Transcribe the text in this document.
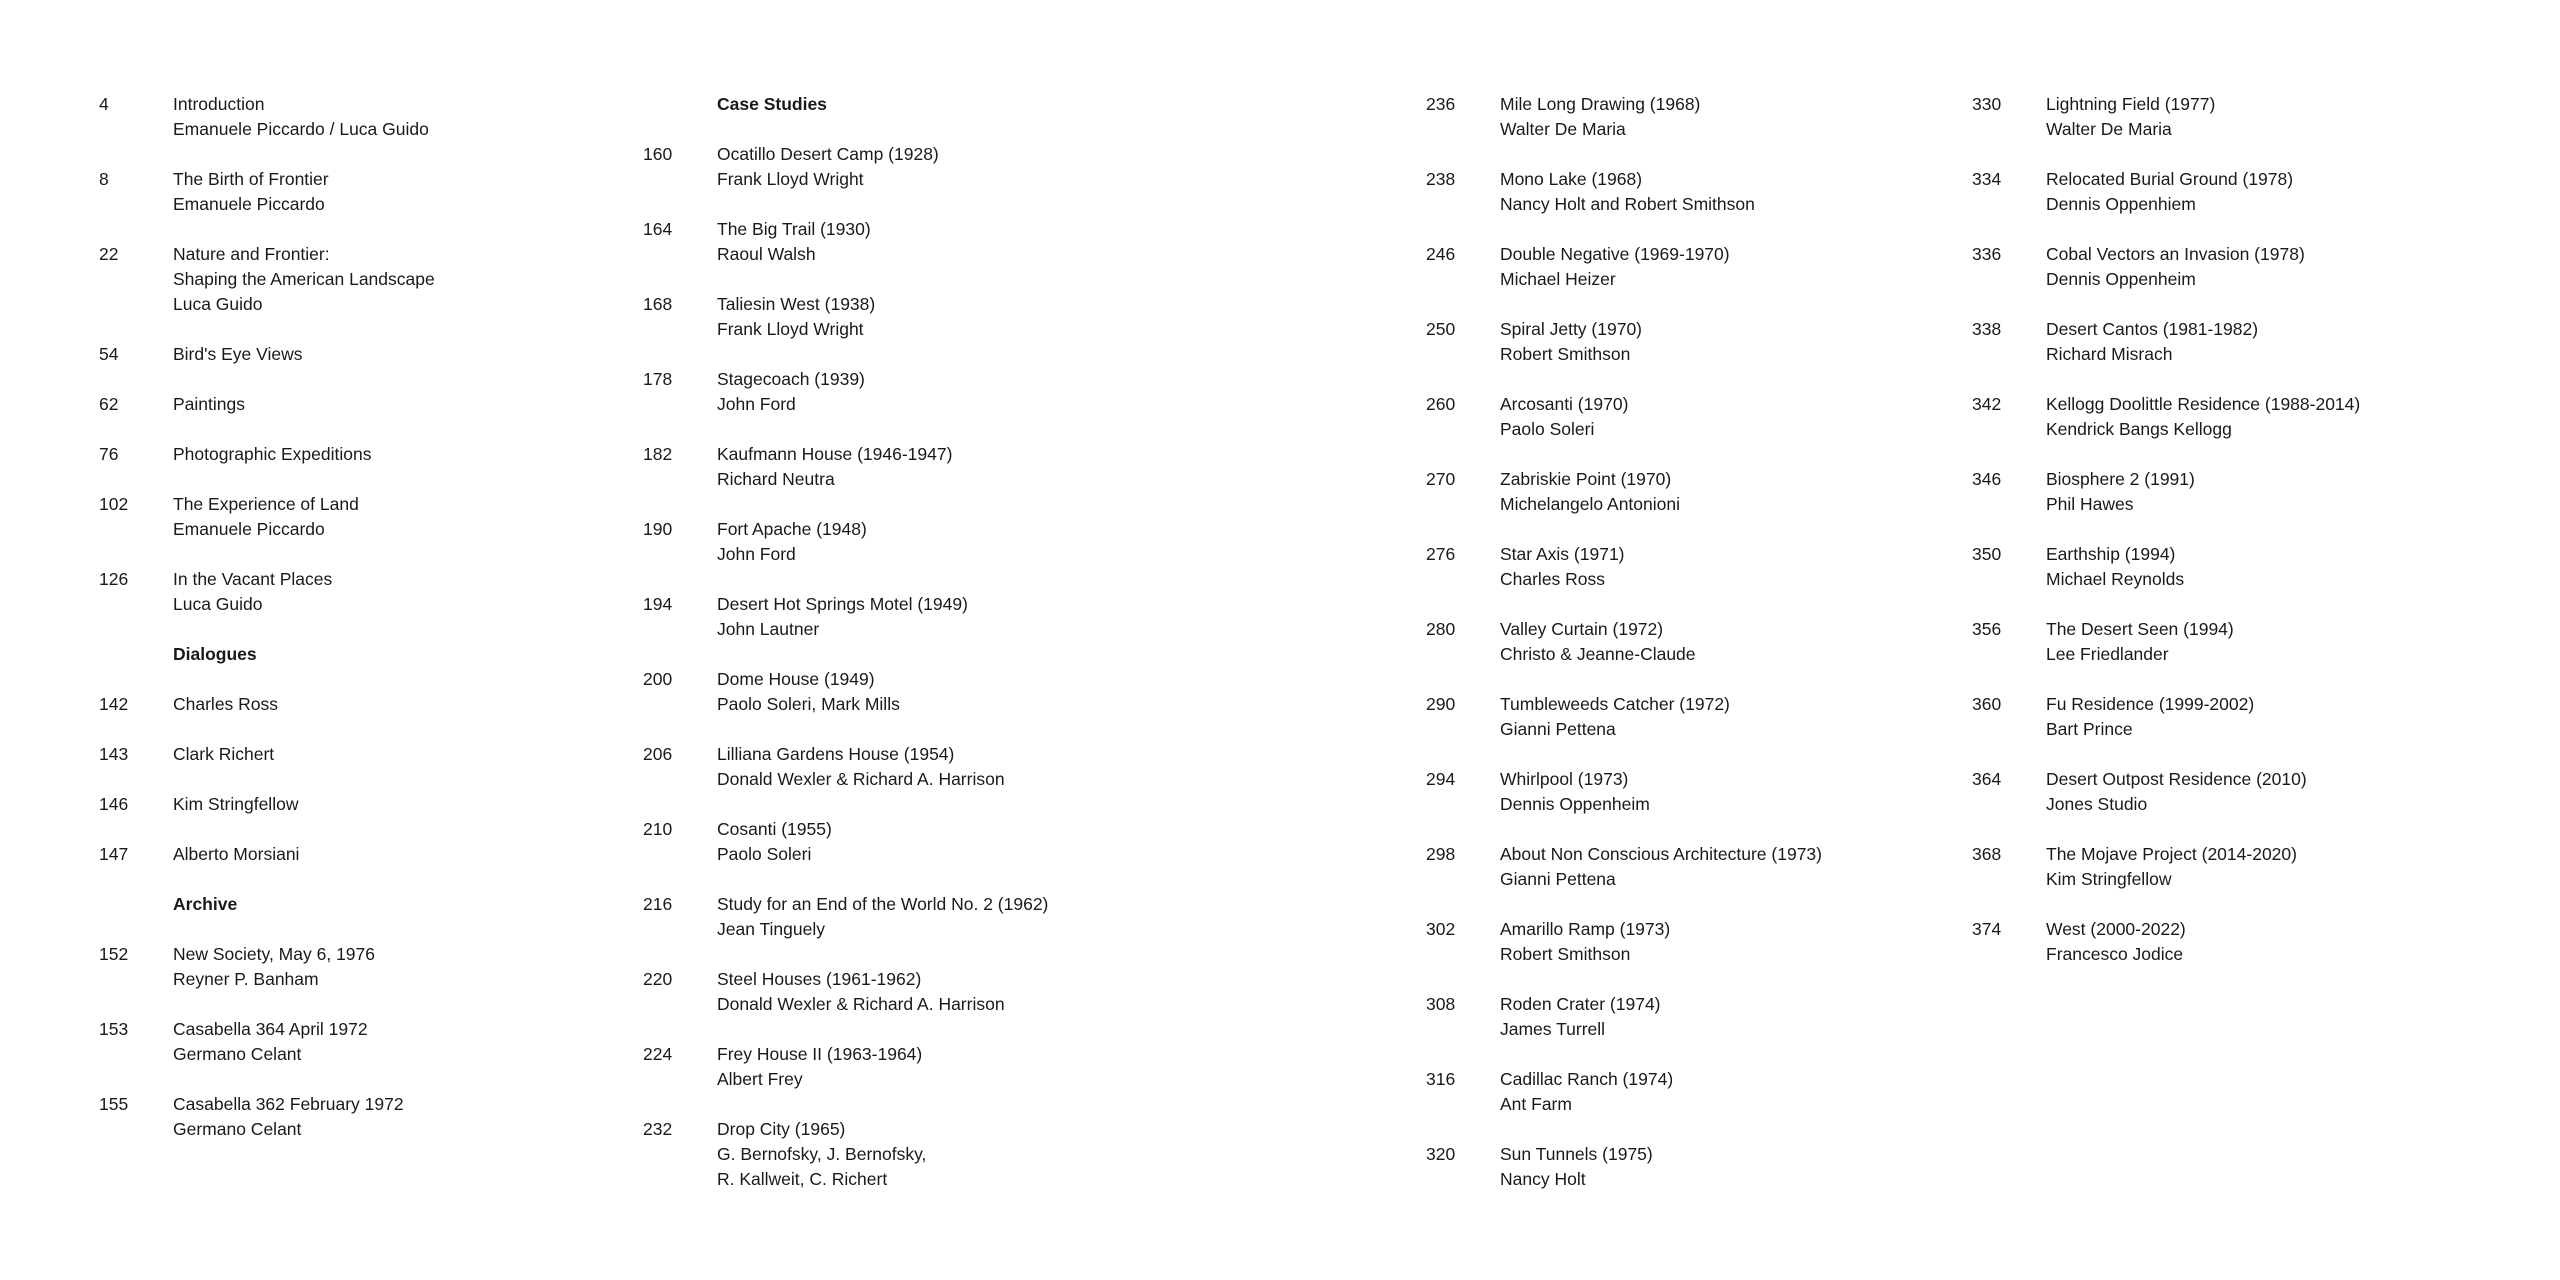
4	Introduction
Emanuele Piccardo / Luca Guido
8	The Birth of Frontier
Emanuele Piccardo
22	Nature and Frontier:
Shaping the American Landscape
Luca Guido
54	Bird's Eye Views
62	Paintings
76	Photographic Expeditions
102	The Experience of Land
Emanuele Piccardo
126	In the Vacant Places
Luca Guido
Dialogues
142	Charles Ross
143	Clark Richert
146	Kim Stringfellow
147	Alberto Morsiani
Archive
152	New Society, May 6, 1976
Reyner P. Banham
153	Casabella 364 April 1972
Germano Celant
155	Casabella 362 February 1972
Germano Celant
Case Studies
160	Ocatillo Desert Camp (1928)
Frank Lloyd Wright
164	The Big Trail (1930)
Raoul Walsh
168	Taliesin West (1938)
Frank Lloyd Wright
178	Stagecoach (1939)
John Ford
182	Kaufmann House (1946-1947)
Richard Neutra
190	Fort Apache (1948)
John Ford
194	Desert Hot Springs Motel (1949)
John Lautner
200	Dome House (1949)
Paolo Soleri, Mark Mills
206	Lilliana Gardens House (1954)
Donald Wexler & Richard A. Harrison
210	Cosanti (1955)
Paolo Soleri
216	Study for an End of the World No. 2 (1962)
Jean Tinguely
220	Steel Houses (1961-1962)
Donald Wexler & Richard A. Harrison
224	Frey House II (1963-1964)
Albert Frey
232	Drop City (1965)
G. Bernofsky, J. Bernofsky,
R. Kallweit, C. Richert
236	Mile Long Drawing (1968)
Walter De Maria
238	Mono Lake (1968)
Nancy Holt and Robert Smithson
246	Double Negative (1969-1970)
Michael Heizer
250	Spiral Jetty (1970)
Robert Smithson
260	Arcosanti (1970)
Paolo Soleri
270	Zabriskie Point (1970)
Michelangelo Antonioni
276	Star Axis (1971)
Charles Ross
280	Valley Curtain (1972)
Christo & Jeanne-Claude
290	Tumbleweeds Catcher (1972)
Gianni Pettena
294	Whirlpool (1973)
Dennis Oppenheim
298	About Non Conscious Architecture (1973)
Gianni Pettena
302	Amarillo Ramp (1973)
Robert Smithson
308	Roden Crater (1974)
James Turrell
316	Cadillac Ranch (1974)
Ant Farm
320	Sun Tunnels (1975)
Nancy Holt
330	Lightning Field (1977)
Walter De Maria
334	Relocated Burial Ground (1978)
Dennis Oppenhiem
336	Cobal Vectors an Invasion (1978)
Dennis Oppenheim
338	Desert Cantos (1981-1982)
Richard Misrach
342	Kellogg Doolittle Residence (1988-2014)
Kendrick Bangs Kellogg
346	Biosphere 2 (1991)
Phil Hawes
350	Earthship (1994)
Michael Reynolds
356	The Desert Seen (1994)
Lee Friedlander
360	Fu Residence (1999-2002)
Bart Prince
364	Desert Outpost Residence (2010)
Jones Studio
368	The Mojave Project (2014-2020)
Kim Stringfellow
374	West (2000-2022)
Francesco Jodice
